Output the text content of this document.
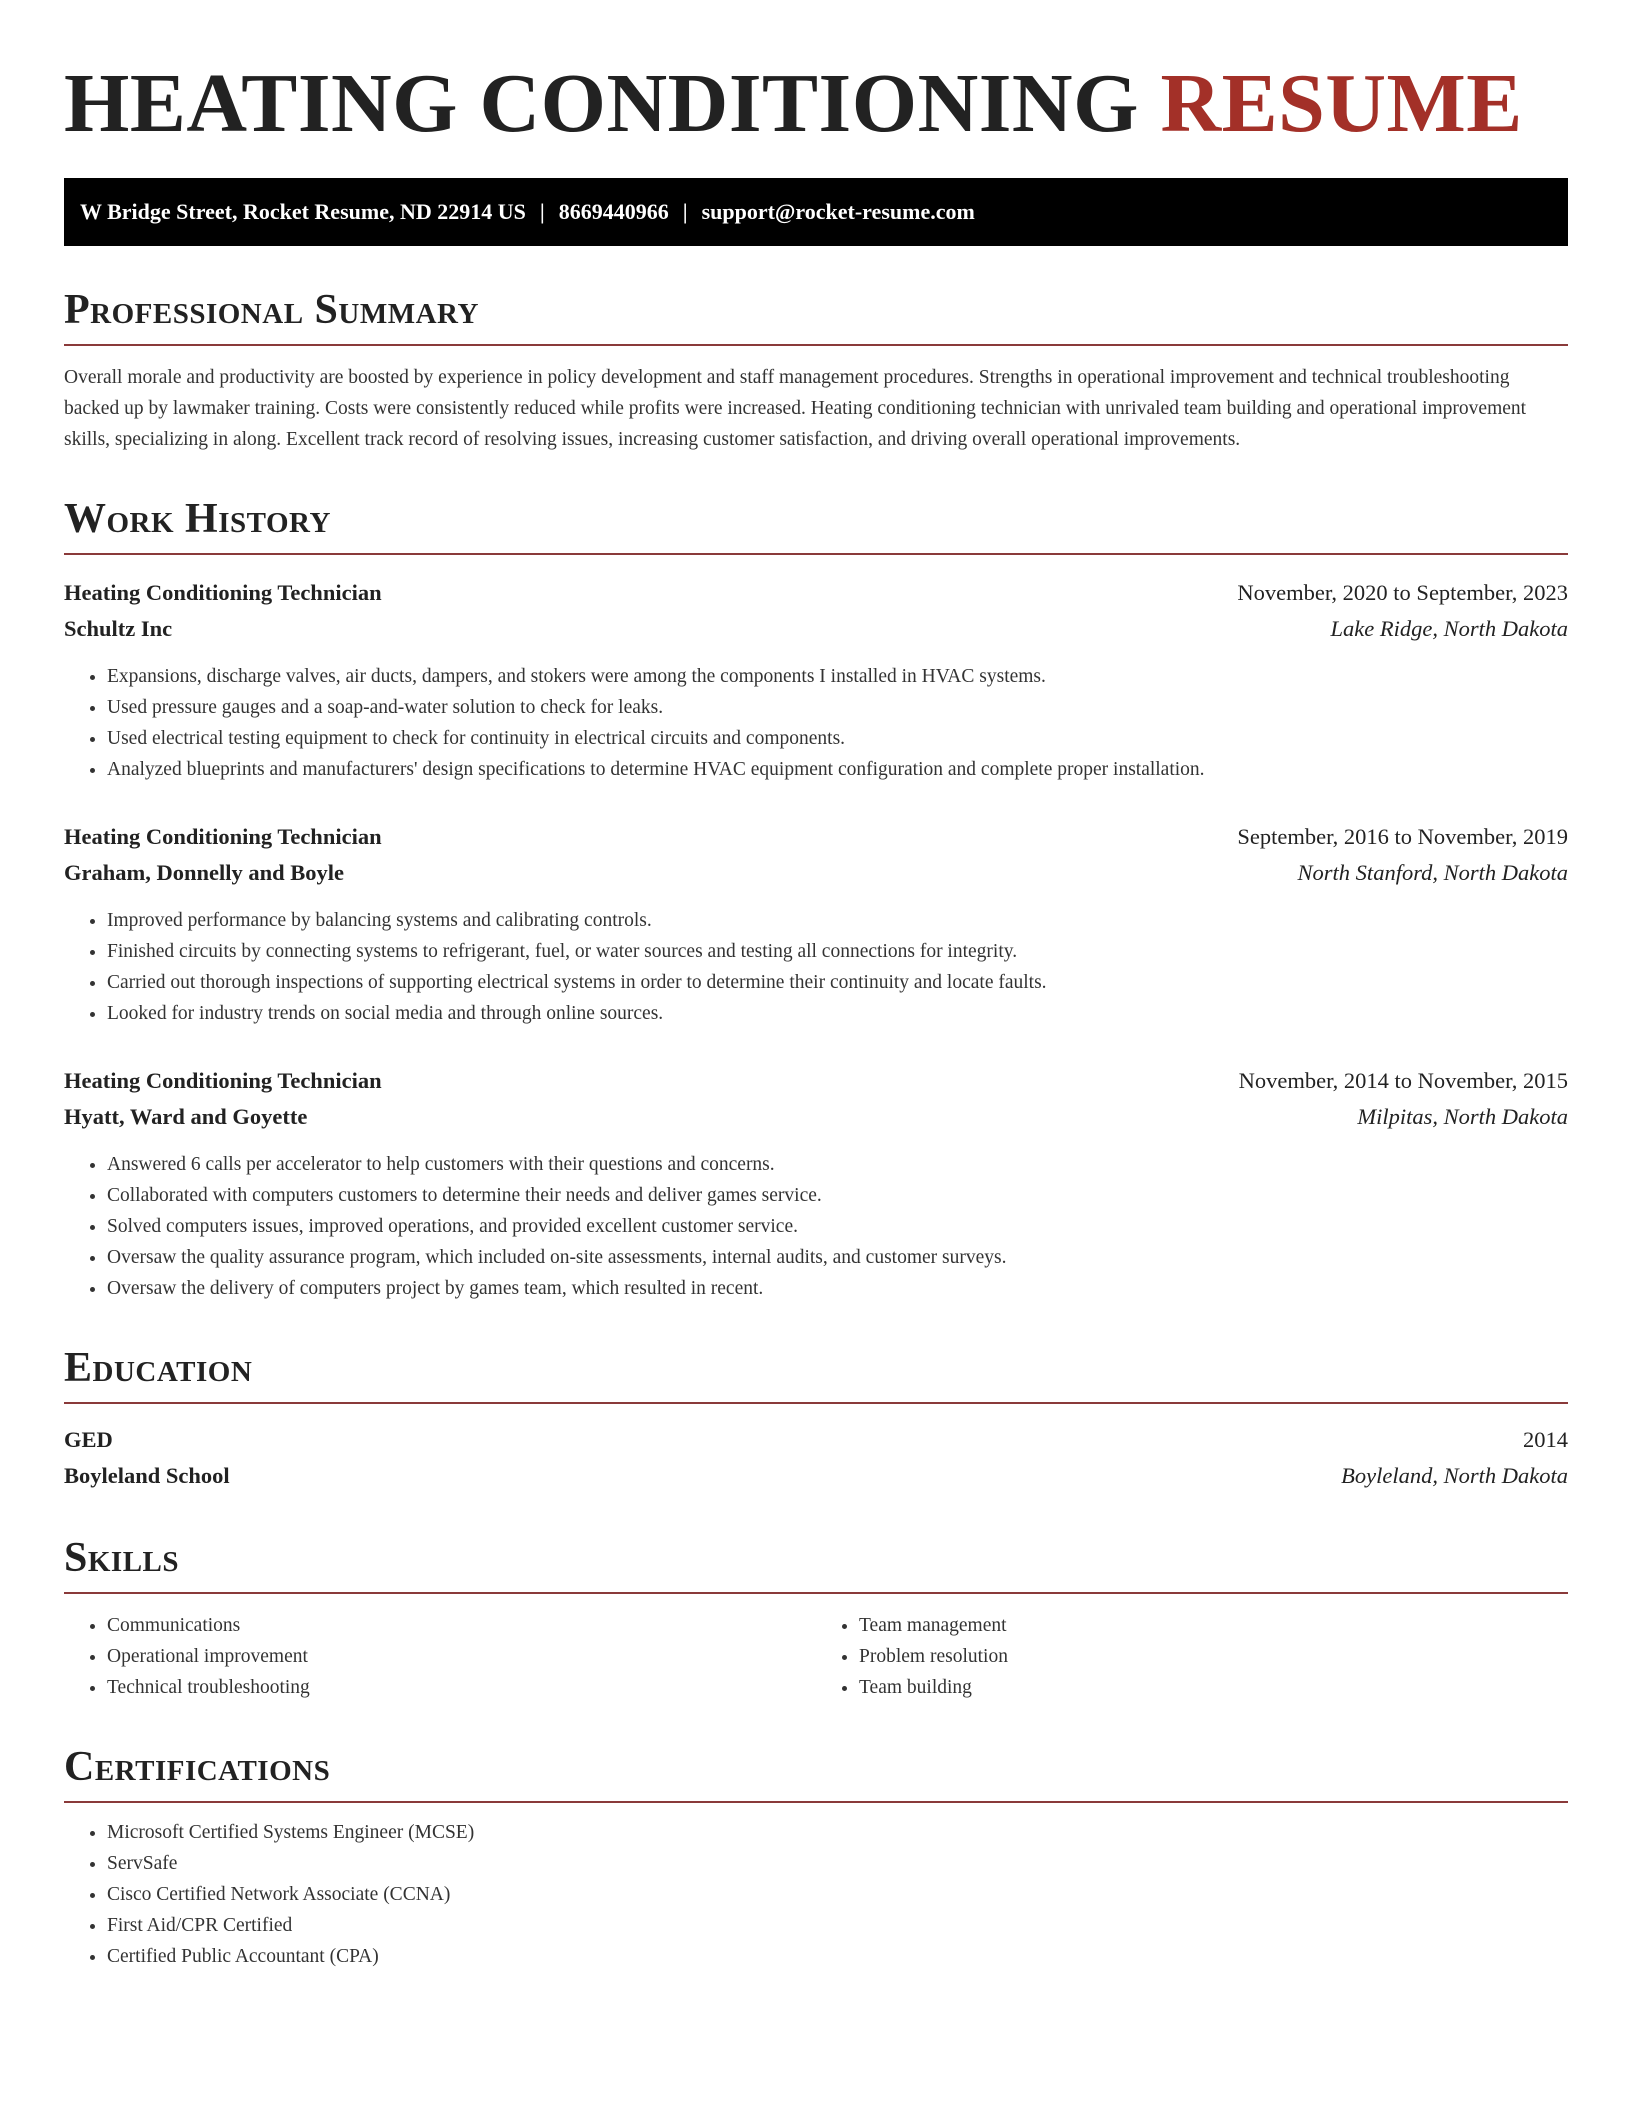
HEATING CONDITIONING RESUME
W Bridge Street, Rocket Resume, ND 22914 US | 8669440966 | support@rocket-resume.com
Professional Summary

Overall morale and productivity are boosted by experience in policy development and staff management procedures. Strengths in operational improvement and technical troubleshooting backed up by lawmaker training. Costs were consistently reduced while profits were increased. Heating conditioning technician with unrivaled team building and operational improvement skills, specializing in along. Excellent track record of resolving issues, increasing customer satisfaction, and driving overall operational improvements.

Work History
Heating Conditioning Technician	November, 2020 to September, 2023
Schultz Inc	Lake Ridge, North Dakota
• Expansions, discharge valves, air ducts, dampers, and stokers were among the components I installed in HVAC systems.
• Used pressure gauges and a soap-and-water solution to check for leaks.
• Used electrical testing equipment to check for continuity in electrical circuits and components.
• Analyzed blueprints and manufacturers' design specifications to determine HVAC equipment configuration and complete proper installation.
Heating Conditioning Technician	September, 2016 to November, 2019
Graham, Donnelly and Boyle	North Stanford, North Dakota
• Improved performance by balancing systems and calibrating controls.
• Finished circuits by connecting systems to refrigerant, fuel, or water sources and testing all connections for integrity.
• Carried out thorough inspections of supporting electrical systems in order to determine their continuity and locate faults.
• Looked for industry trends on social media and through online sources.
Heating Conditioning Technician	November, 2014 to November, 2015
Hyatt, Ward and Goyette	Milpitas, North Dakota
• Answered 6 calls per accelerator to help customers with their questions and concerns.
• Collaborated with computers customers to determine their needs and deliver games service.
• Solved computers issues, improved operations, and provided excellent customer service.
• Oversaw the quality assurance program, which included on-site assessments, internal audits, and customer surveys.
• Oversaw the delivery of computers project by games team, which resulted in recent.
Education
GED	2014
Boyleland School	Boyleland, North Dakota
Skills
• Communications
• Operational improvement
• Technical troubleshooting
• Team management
• Problem resolution
• Team building
Certifications
• Microsoft Certified Systems Engineer (MCSE)
• ServSafe
• Cisco Certified Network Associate (CCNA)
• First Aid/CPR Certified
• Certified Public Accountant (CPA)
